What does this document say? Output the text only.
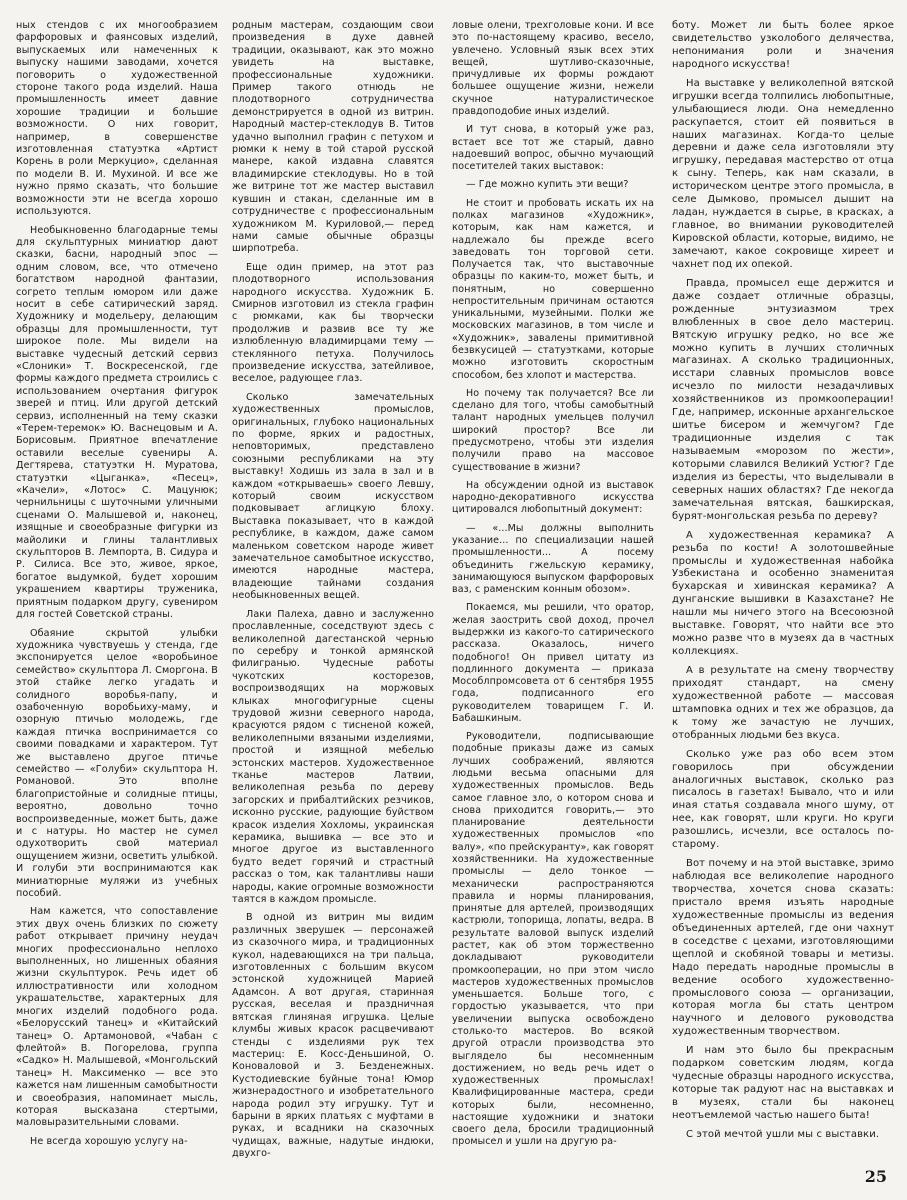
ных стендов с их многообразием фарфоровых и фаянсовых изделий, выпускаемых или намеченных к выпуску нашими заводами, хочется поговорить о художественной стороне такого рода изделий. Наша промышленность имеет давние хорошие традиции и большие возможности. О них говорит, например, в совершенстве изготовленная статуэтка «Артист Корень в роли Меркуцио», сделанная по модели В. И. Мухиной. И все же нужно прямо сказать, что большие возможности эти не всегда хорошо используются.

Необыкновенно благодарные темы для скульптурных миниатюр дают сказки, басни, народный эпос — одним словом, все, что отмечено богатством народной фантазии, согрето теплым юмором или даже носит в себе сатирический заряд. Художнику и модельеру, делающим образцы для промышленности, тут широкое поле. Мы видели на выставке чудесный детский сервиз «Слоники» Т. Воскресенской, где формы каждого предмета строились с использованием очертания фигурок зверей и птиц. Или другой детский сервиз, исполненный на тему сказки «Терем-теремок» Ю. Васнецовым и А. Борисовым. Приятное впечатление оставили веселые сувениры А. Дегтярева, статуэтки Н. Муратова, статуэтки «Цыганка», «Песец», «Качели», «Лотос» С. Мацунюк; чернильницы с шуточными уличными сценами О. Малышевой и, наконец, изящные и своеобразные фигурки из майолики и глины талантливых скульпторов В. Лемпорта, В. Сидура и Р. Силиса. Все это, живое, яркое, богатое выдумкой, будет хорошим украшением квартиры труженика, приятным подарком другу, сувениром для гостей Советской страны.

Обаяние скрытой улыбки художника чувствуешь у стенда, где экспонируется целое «воробьиное семейство» скульптора Л. Сморгона. В этой стайке легко угадать и солидного воробья-папу, и озабоченную воробьиху-маму, и озорную птичью молодежь, где каждая птичка воспринимается со своими повадками и характером. Тут же выставлено другое птичье семейство — «Голуби» скульптора Н. Романовой. Это вполне благопристойные и солидные птицы, вероятно, довольно точно воспроизведенные, может быть, даже и с натуры. Но мастер не сумел одухотворить свой материал ощущением жизни, осветить улыбкой. И голуби эти воспринимаются как миниатюрные муляжи из учебных пособий.

Нам кажется, что сопоставление этих двух очень близких по сюжету работ открывает причину неудач многих профессионально неплохо выполненных, но лишенных обаяния жизни скульптурок. Речь идет об иллюстративности или холодном украшательстве, характерных для многих изделий подобного рода. «Белорусский танец» и «Китайский танец» О. Артамоновой, «Чабан с флейтой» В. Погорелова, группа «Садко» Н. Малышевой, «Монгольский танец» Н. Максименко — все это кажется нам лишенным самобытности и своеобразия, напоминает мысль, которая высказана стертыми, маловыразительными словами.

Не всегда хорошую услугу на-

родным мастерам, создающим свои произведения в духе давней традиции, оказывают, как это можно увидеть на выставке, профессиональные художники. Пример такого отнюдь не плодотворного сотрудничества демонстрируется в одной из витрин. Народный мастер-стеклодув В. Титов удачно выполнил графин с петухом и рюмки к нему в той старой русской манере, какой издавна славятся владимирские стеклодувы. Но в той же витрине тот же мастер выставил кувшин и стакан, сделанные им в сотрудничестве с профессиональным художником М. Куриловой,— перед нами самые обычные образцы ширпотреба.

Еще один пример, на этот раз плодотворного использования народного искусства. Художник Б. Смирнов изготовил из стекла графин с рюмками, как бы творчески продолжив и развив все ту же излюбленную владимирцами тему — стеклянного петуха. Получилось произведение искусства, затейливое, веселое, радующее глаз.

Сколько замечательных художественных промыслов, оригинальных, глубоко национальных по форме, ярких и радостных, неповторимых, представлено союзными республиками на эту выставку! Ходишь из зала в зал и в каждом «открываешь» своего Левшу, который своим искусством подковывает аглицкую блоху. Выставка показывает, что в каждой республике, в каждом, даже самом маленьком советском народе живет замечательное самобытное искусство, имеются народные мастера, владеющие тайнами создания необыкновенных вещей.

Лаки Палеха, давно и заслуженно прославленные, соседствуют здесь с великолепной дагестанской чернью по серебру и тонкой армянской филигранью. Чудесные работы чукотских косторезов, воспроизводящих на моржовых клыках многофигурные сцены трудовой жизни северного народа, красуются рядом с тисненой кожей, великолепными вязаными изделиями, простой и изящной мебелью эстонских мастеров. Художественное тканье мастеров Латвии, великолепная резьба по дереву загорских и прибалтийских резчиков, исконно русские, радующие буйством красок изделия Хохломы, украинская керамика, вышивка — все это и многое другое из выставленного будто ведет горячий и страстный рассказ о том, как талантливы наши народы, какие огромные возможности таятся в каждом промысле.

В одной из витрин мы видим различных зверушек — персонажей из сказочного мира, и традиционных кукол, надевающихся на три пальца, изготовленных с большим вкусом эстонской художницей Марией Адамсон. А вот другая, старинная русская, веселая и праздничная вятская глиняная игрушка. Целые клумбы живых красок расцвечивают стенды с изделиями рук тех мастериц: Е. Косс-Деньшиной, О. Коноваловой и З. Безденежных. Кустодиевские буйные тона! Юмор жизнерадостного и изобретательного народа родил эту игрушку. Тут и барыни в ярких платьях с муфтами в руках, и всадники на сказочных чудищах, важные, надутые индюки, двухго-

ловые олени, трехголовые кони. И все это по-настоящему красиво, весело, увлечено. Условный язык всех этих вещей, шутливо-сказочные, причудливые их формы рождают большее ощущение жизни, нежели скучное натуралистическое правдоподобие иных изделий.

И тут снова, в который уже раз, встает все тот же старый, давно надоевший вопрос, обычно мучающий посетителей таких выставок:

— Где можно купить эти вещи?

Не стоит и пробовать искать их на полках магазинов «Художник», которым, как нам кажется, и надлежало бы прежде всего заведовать тон торговой сети. Получается так, что выставочные образцы по каким-то, может быть, и понятным, но совершенно непростительным причинам остаются уникальными, музейными. Полки же московских магазинов, в том числе и «Художник», завалены примитивной безвкусицей — статуэтками, которые можно изготовить скоростным способом, без хлопот и мастерства.

Но почему так получается? Все ли сделано для того, чтобы самобытный талант народных умельцев получил широкий простор? Все ли предусмотрено, чтобы эти изделия получили право на массовое существование в жизни?

На обсуждении одной из выставок народно-декоративного искусства цитировался любопытный документ:

— «...Мы должны выполнить указание... по специализации нашей промышленности... А посему объединить гжельскую керамику, занимающуюся выпуском фарфоровых ваз, с раменским конным обозом».

Покаемся, мы решили, что оратор, желая заострить свой доход, прочел выдержки из какого-то сатирического рассказа. Оказалось, ничего подобного! Он привел цитату из подлинного документа — приказа Мособлпромсовета от 6 сентября 1955 года, подписанного его руководителем товарищем Г. И. Бабашкиным.

Руководители, подписывающие подобные приказы даже из самых лучших соображений, являются людьми весьма опасными для художественных промыслов. Ведь самое главное зло, о котором снова и снова приходится говорить,— это планирование деятельности художественных промыслов «по валу», «по прейскуранту», как говорят хозяйственники. На художественные промыслы — дело тонкое — механически распространяются правила и нормы планирования, принятые для артелей, производящих кастрюли, топорища, лопаты, ведра. В результате валовой выпуск изделий растет, как об этом торжественно докладывают руководители промкооперации, но при этом число мастеров художественных промыслов уменьшается. Больше того, с гордостью указывается, что при увеличении выпуска освобождено столько-то мастеров. Во всякой другой отрасли производства это выглядело бы несомненным достижением, но ведь речь идет о художественных промыслах! Квалифицированные мастера, среди которых были, несомненно, настоящие художники и знатоки своего дела, бросили традиционный промысел и ушли на другую ра-

боту. Может ли быть более яркое свидетельство узколобого делячества, непонимания роли и значения народного искусства!

На выставке у великолепной вятской игрушки всегда толпились любопытные, улыбающиеся люди. Она немедленно раскупается, стоит ей появиться в наших магазинах. Когда-то целые деревни и даже села изготовляли эту игрушку, передавая мастерство от отца к сыну. Теперь, как нам сказали, в историческом центре этого промысла, в селе Дымково, промысел дышит на ладан, нуждается в сырье, в красках, а главное, во внимании руководителей Кировской области, которые, видимо, не замечают, какое сокровище хиреет и чахнет под их опекой.

Правда, промысел еще держится и даже создает отличные образцы, рожденные энтузиазмом трех влюбленных в свое дело мастериц. Вятскую игрушку редко, но все же можно купить в лучших столичных магазинах. А сколько традиционных, исстари славных промыслов вовсе исчезло по милости незадачливых хозяйственников из промкооперации! Где, например, исконные архангельское шитье бисером и жемчугом? Где традиционные изделия с так называемым «морозом по жести», которыми славился Великий Устюг? Где изделия из бересты, что выделывали в северных наших областях? Где некогда замечательная вятская, башкирская, бурят-монгольская резьба по дереву?

А художественная керамика? А резьба по кости! А золотошвейные промыслы и художественная набойка Узбекистана и особенно знаменитая бухарская и хивинская керамика? А дунганские вышивки в Казахстане? Не нашли мы ничего этого на Всесоюзной выставке. Говорят, что найти все это можно разве что в музеях да в частных коллекциях.

А в результате на смену творчеству приходят стандарт, на смену художественной работе — массовая штамповка одних и тех же образцов, да к тому же зачастую не лучших, отобранных людьми без вкуса.

Сколько уже раз обо всем этом говорилось при обсуждении аналогичных выставок, сколько раз писалось в газетах! Бывало, что и или иная статья создавала много шуму, от нее, как говорят, шли круги. Но круги разошлись, исчезли, все осталось по-старому.

Вот почему и на этой выставке, зримо наблюдая все великолепие народного творчества, хочется снова сказать: пристало время изъять народные художественные промыслы из ведения объединенных артелей, где они чахнут в соседстве с цехами, изготовляющими щеплой и скобяной товары и метизы. Надо передать народные промыслы в ведение особого художественно-промыслового союза — организации, которая могла бы стать центром научного и делового руководства художественным творчеством.

И нам это было бы прекрасным подарком советским людям, когда чудесные образцы народного искусства, которые так радуют нас на выставках и в музеях, стали бы наконец неотъемлемой частью нашего быта!

С этой мечтой ушли мы с выставки.

25
